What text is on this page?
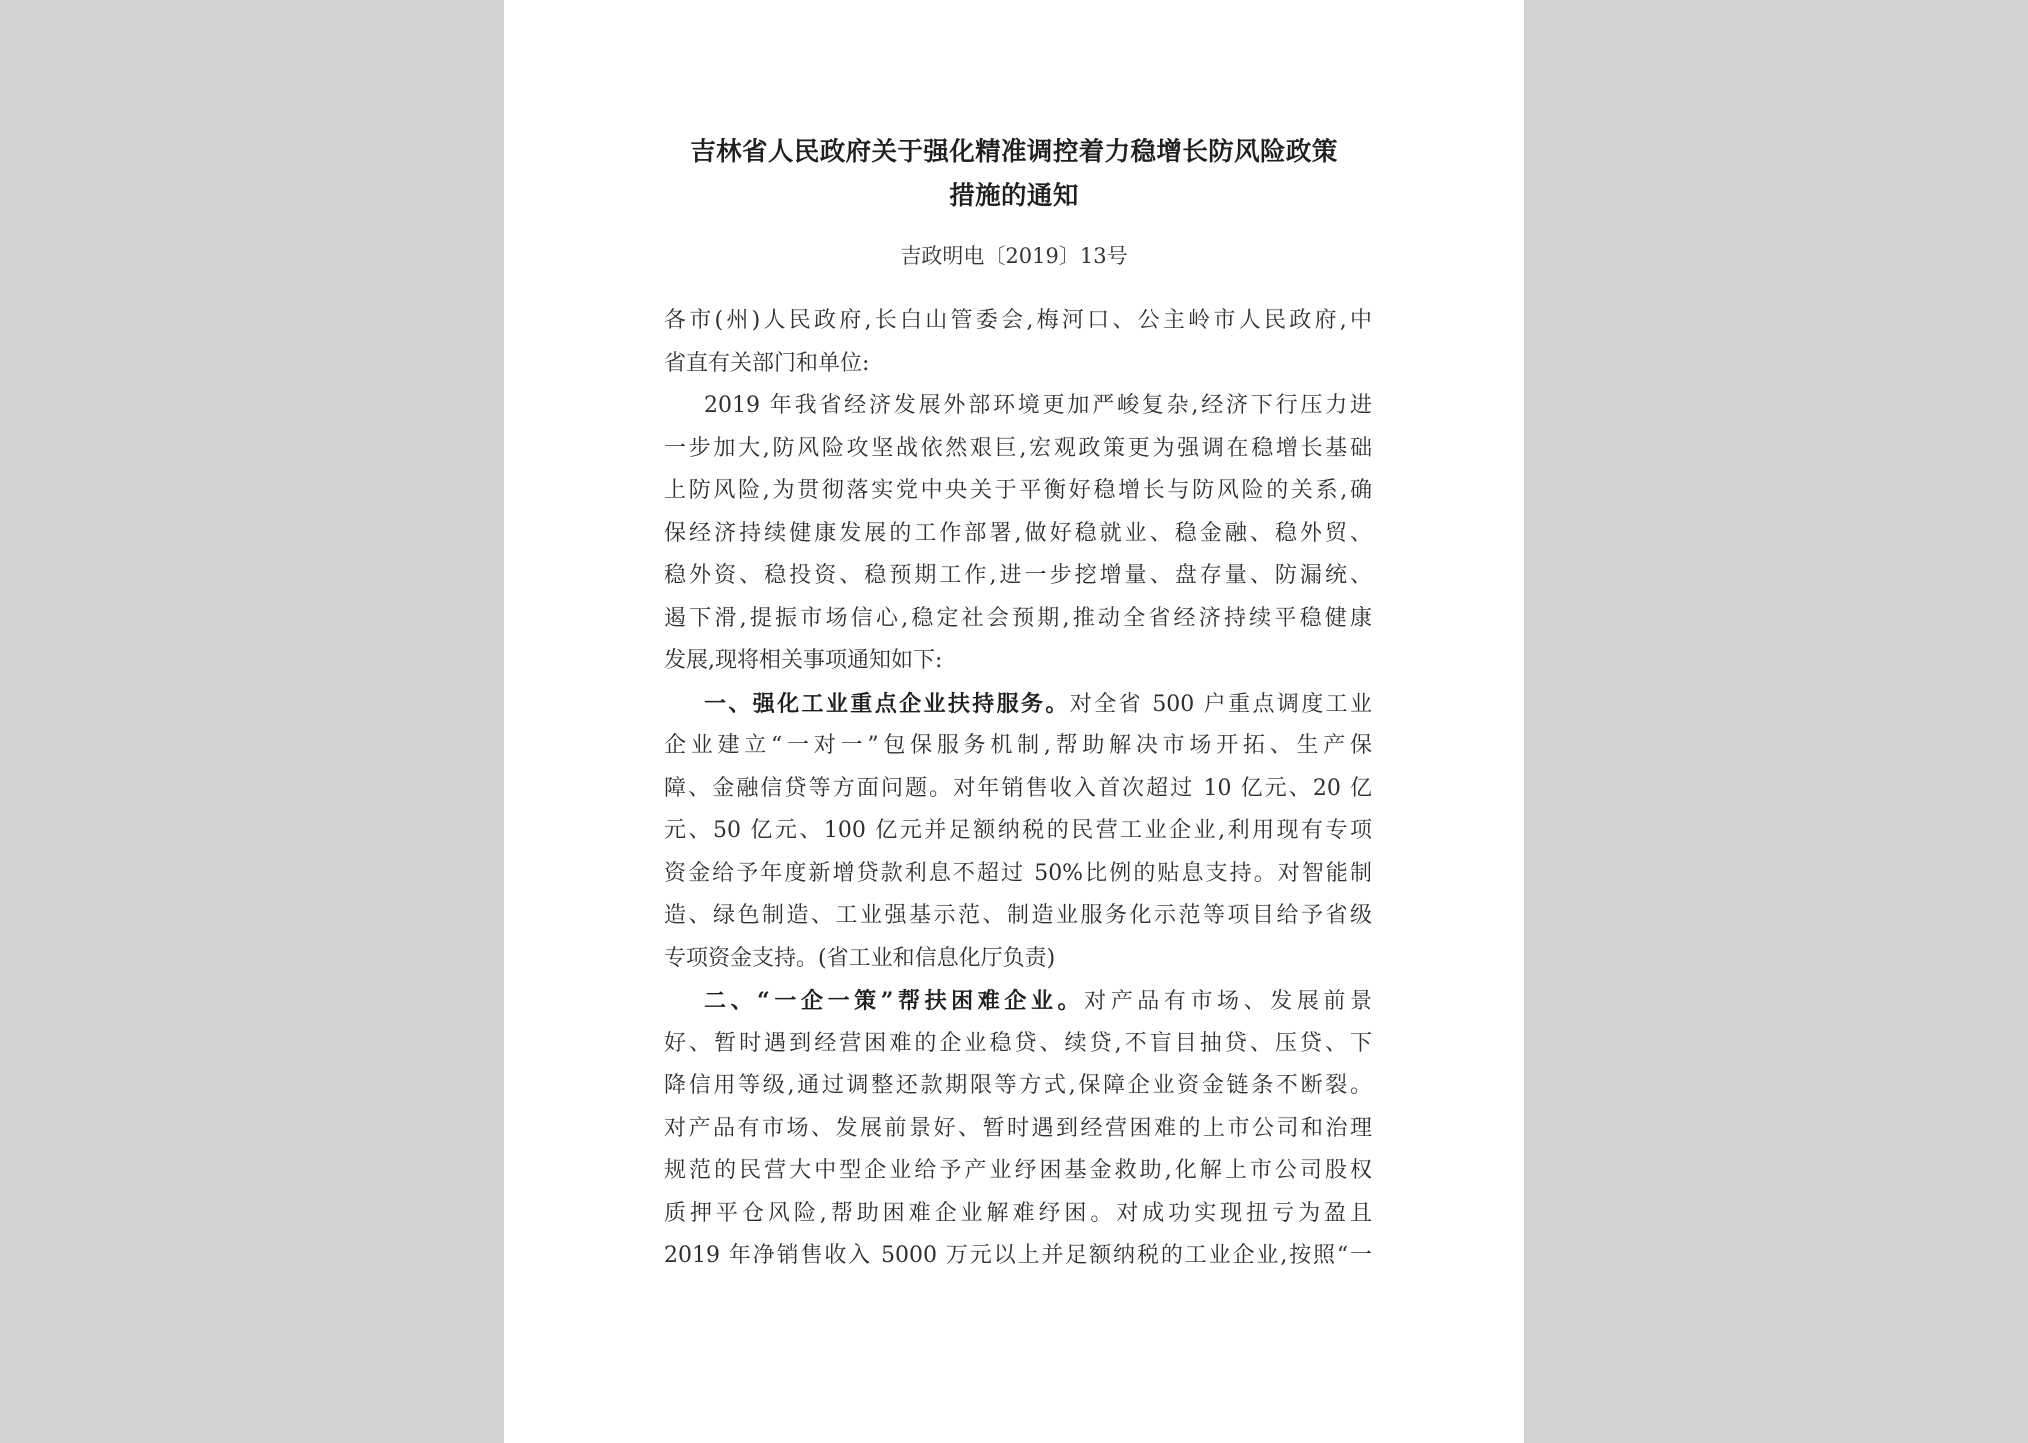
吉林省人民政府关于强化精准调控着力稳增长防风险政策
措施的通知
吉政明电〔2019〕13号
各市(州)人民政府,长白山管委会,梅河口、公主岭市人民政府,中
省直有关部门和单位:
2019 年我省经济发展外部环境更加严峻复杂,经济下行压力进
一步加大,防风险攻坚战依然艰巨,宏观政策更为强调在稳增长基础
上防风险,为贯彻落实党中央关于平衡好稳增长与防风险的关系,确
保经济持续健康发展的工作部署,做好稳就业、稳金融、稳外贸、
稳外资、稳投资、稳预期工作,进一步挖增量、盘存量、防漏统、
遏下滑,提振市场信心,稳定社会预期,推动全省经济持续平稳健康
发展,现将相关事项通知如下:
一、强化工业重点企业扶持服务。对全省 500 户重点调度工业
企业建立“一对一”包保服务机制,帮助解决市场开拓、生产保
障、金融信贷等方面问题。对年销售收入首次超过 10 亿元、20 亿
元、50 亿元、100 亿元并足额纳税的民营工业企业,利用现有专项
资金给予年度新增贷款利息不超过 50%比例的贴息支持。对智能制
造、绿色制造、工业强基示范、制造业服务化示范等项目给予省级
专项资金支持。(省工业和信息化厅负责)
二、“一企一策”帮扶困难企业。对产品有市场、发展前景
好、暂时遇到经营困难的企业稳贷、续贷,不盲目抽贷、压贷、下
降信用等级,通过调整还款期限等方式,保障企业资金链条不断裂。
对产品有市场、发展前景好、暂时遇到经营困难的上市公司和治理
规范的民营大中型企业给予产业纾困基金救助,化解上市公司股权
质押平仓风险,帮助困难企业解难纾困。对成功实现扭亏为盈且
2019 年净销售收入 5000 万元以上并足额纳税的工业企业,按照“一
